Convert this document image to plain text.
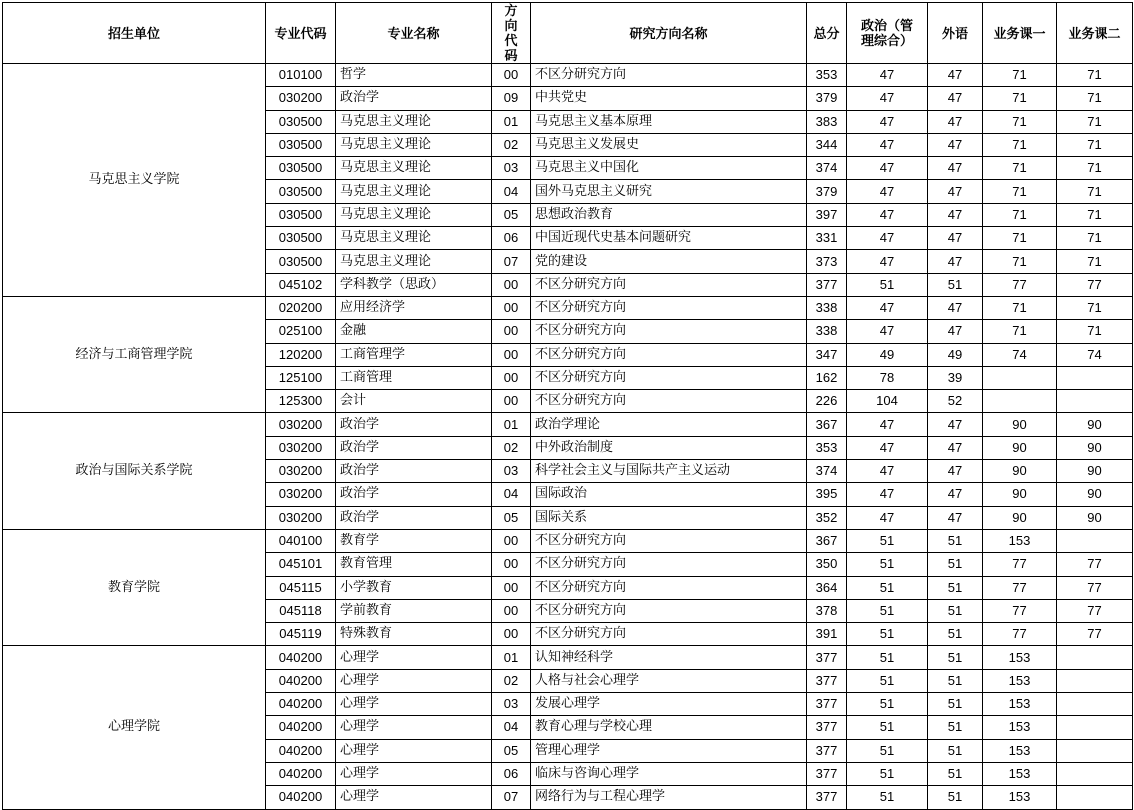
招生单位	专业代码	专业名称	方向代码	研究方向名称	总分	政治（管理综合）	外语	业务课一	业务课二
马克思主义学院	010100	哲学	00	不区分研究方向	353	47	47	71	71
	030200	政治学	09	中共党史	379	47	47	71	71
	030500	马克思主义理论	01	马克思主义基本原理	383	47	47	71	71
	030500	马克思主义理论	02	马克思主义发展史	344	47	47	71	71
	030500	马克思主义理论	03	马克思主义中国化	374	47	47	71	71
	030500	马克思主义理论	04	国外马克思主义研究	379	47	47	71	71
	030500	马克思主义理论	05	思想政治教育	397	47	47	71	71
	030500	马克思主义理论	06	中国近现代史基本问题研究	331	47	47	71	71
	030500	马克思主义理论	07	党的建设	373	47	47	71	71
	045102	学科教学（思政）	00	不区分研究方向	377	51	51	77	77
经济与工商管理学院	020200	应用经济学	00	不区分研究方向	338	47	47	71	71
	025100	金融	00	不区分研究方向	338	47	47	71	71
	120200	工商管理学	00	不区分研究方向	347	49	49	74	74
	125100	工商管理	00	不区分研究方向	162	78	39		
	125300	会计	00	不区分研究方向	226	104	52		
政治与国际关系学院	030200	政治学	01	政治学理论	367	47	47	90	90
	030200	政治学	02	中外政治制度	353	47	47	90	90
	030200	政治学	03	科学社会主义与国际共产主义运动	374	47	47	90	90
	030200	政治学	04	国际政治	395	47	47	90	90
	030200	政治学	05	国际关系	352	47	47	90	90
教育学院	040100	教育学	00	不区分研究方向	367	51	51	153	
	045101	教育管理	00	不区分研究方向	350	51	51	77	77
	045115	小学教育	00	不区分研究方向	364	51	51	77	77
	045118	学前教育	00	不区分研究方向	378	51	51	77	77
	045119	特殊教育	00	不区分研究方向	391	51	51	77	77
心理学院	040200	心理学	01	认知神经科学	377	51	51	153	
	040200	心理学	02	人格与社会心理学	377	51	51	153	
	040200	心理学	03	发展心理学	377	51	51	153	
	040200	心理学	04	教育心理与学校心理	377	51	51	153	
	040200	心理学	05	管理心理学	377	51	51	153	
	040200	心理学	06	临床与咨询心理学	377	51	51	153	
	040200	心理学	07	网络行为与工程心理学	377	51	51	153	
